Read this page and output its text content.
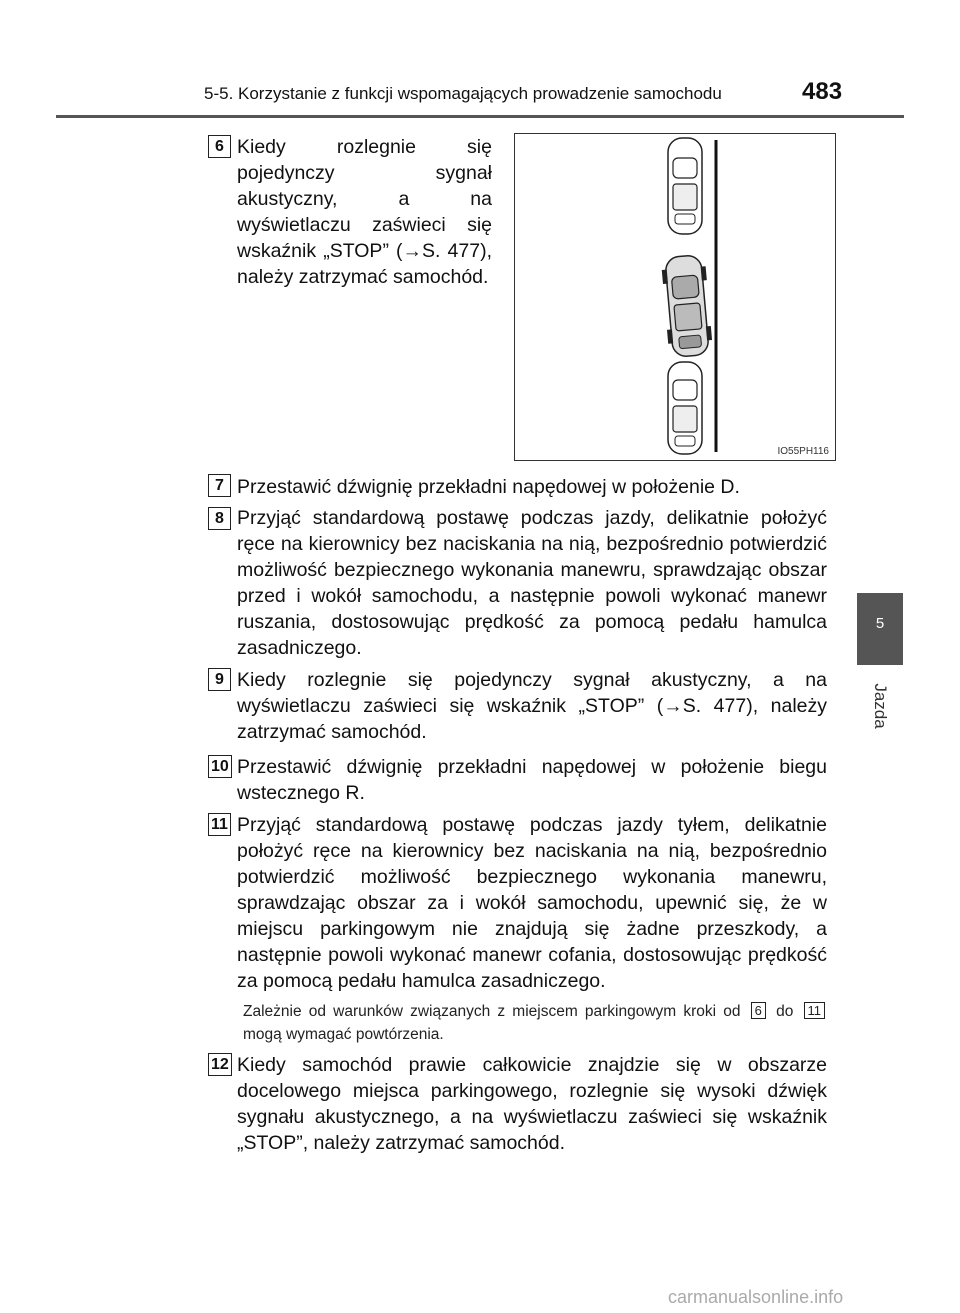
5-5. Korzystanie z funkcji wspomagających prowadzenie samochodu	483
5
Jazda
6 Kiedy rozlegnie się pojedynczy sygnał akustyczny, a na wyświetlaczu zaświeci się wskaźnik „STOP” (→S. 477), należy zatrzymać samochód.

IO55PH116
7 Przestawić dźwignię przekładni napędowej w położenie D.

8 Przyjąć standardową postawę podczas jazdy, delikatnie położyć ręce na kierownicy bez naciskania na nią, bezpośrednio potwierdzić możliwość bezpiecznego wykonania manewru, sprawdzając obszar przed i wokół samochodu, a następnie powoli wykonać manewr ruszania, dostosowując prędkość za pomocą pedału hamulca zasadniczego.

9 Kiedy rozlegnie się pojedynczy sygnał akustyczny, a na wyświetlaczu zaświeci się wskaźnik „STOP” (→S. 477), należy zatrzymać samochód.

10 Przestawić dźwignię przekładni napędowej w położenie biegu wstecznego R.

11 Przyjąć standardową postawę podczas jazdy tyłem, delikatnie położyć ręce na kierownicy bez naciskania na nią, bezpośrednio potwierdzić możliwość bezpiecznego wykonania manewru, sprawdzając obszar za i wokół samochodu, upewnić się, że w miejscu parkingowym nie znajdują się żadne przeszkody, a następnie powoli wykonać manewr cofania, dostosowując prędkość za pomocą pedału hamulca zasadniczego.

Zależnie od warunków związanych z miejscem parkingowym kroki od 6 do 11 mogą wymagać powtórzenia.

12 Kiedy samochód prawie całkowicie znajdzie się w obszarze docelowego miejsca parkingowego, rozlegnie się wysoki dźwięk sygnału akustycznego, a na wyświetlaczu zaświeci się wskaźnik „STOP”, należy zatrzymać samochód.

carmanualsonline.info
